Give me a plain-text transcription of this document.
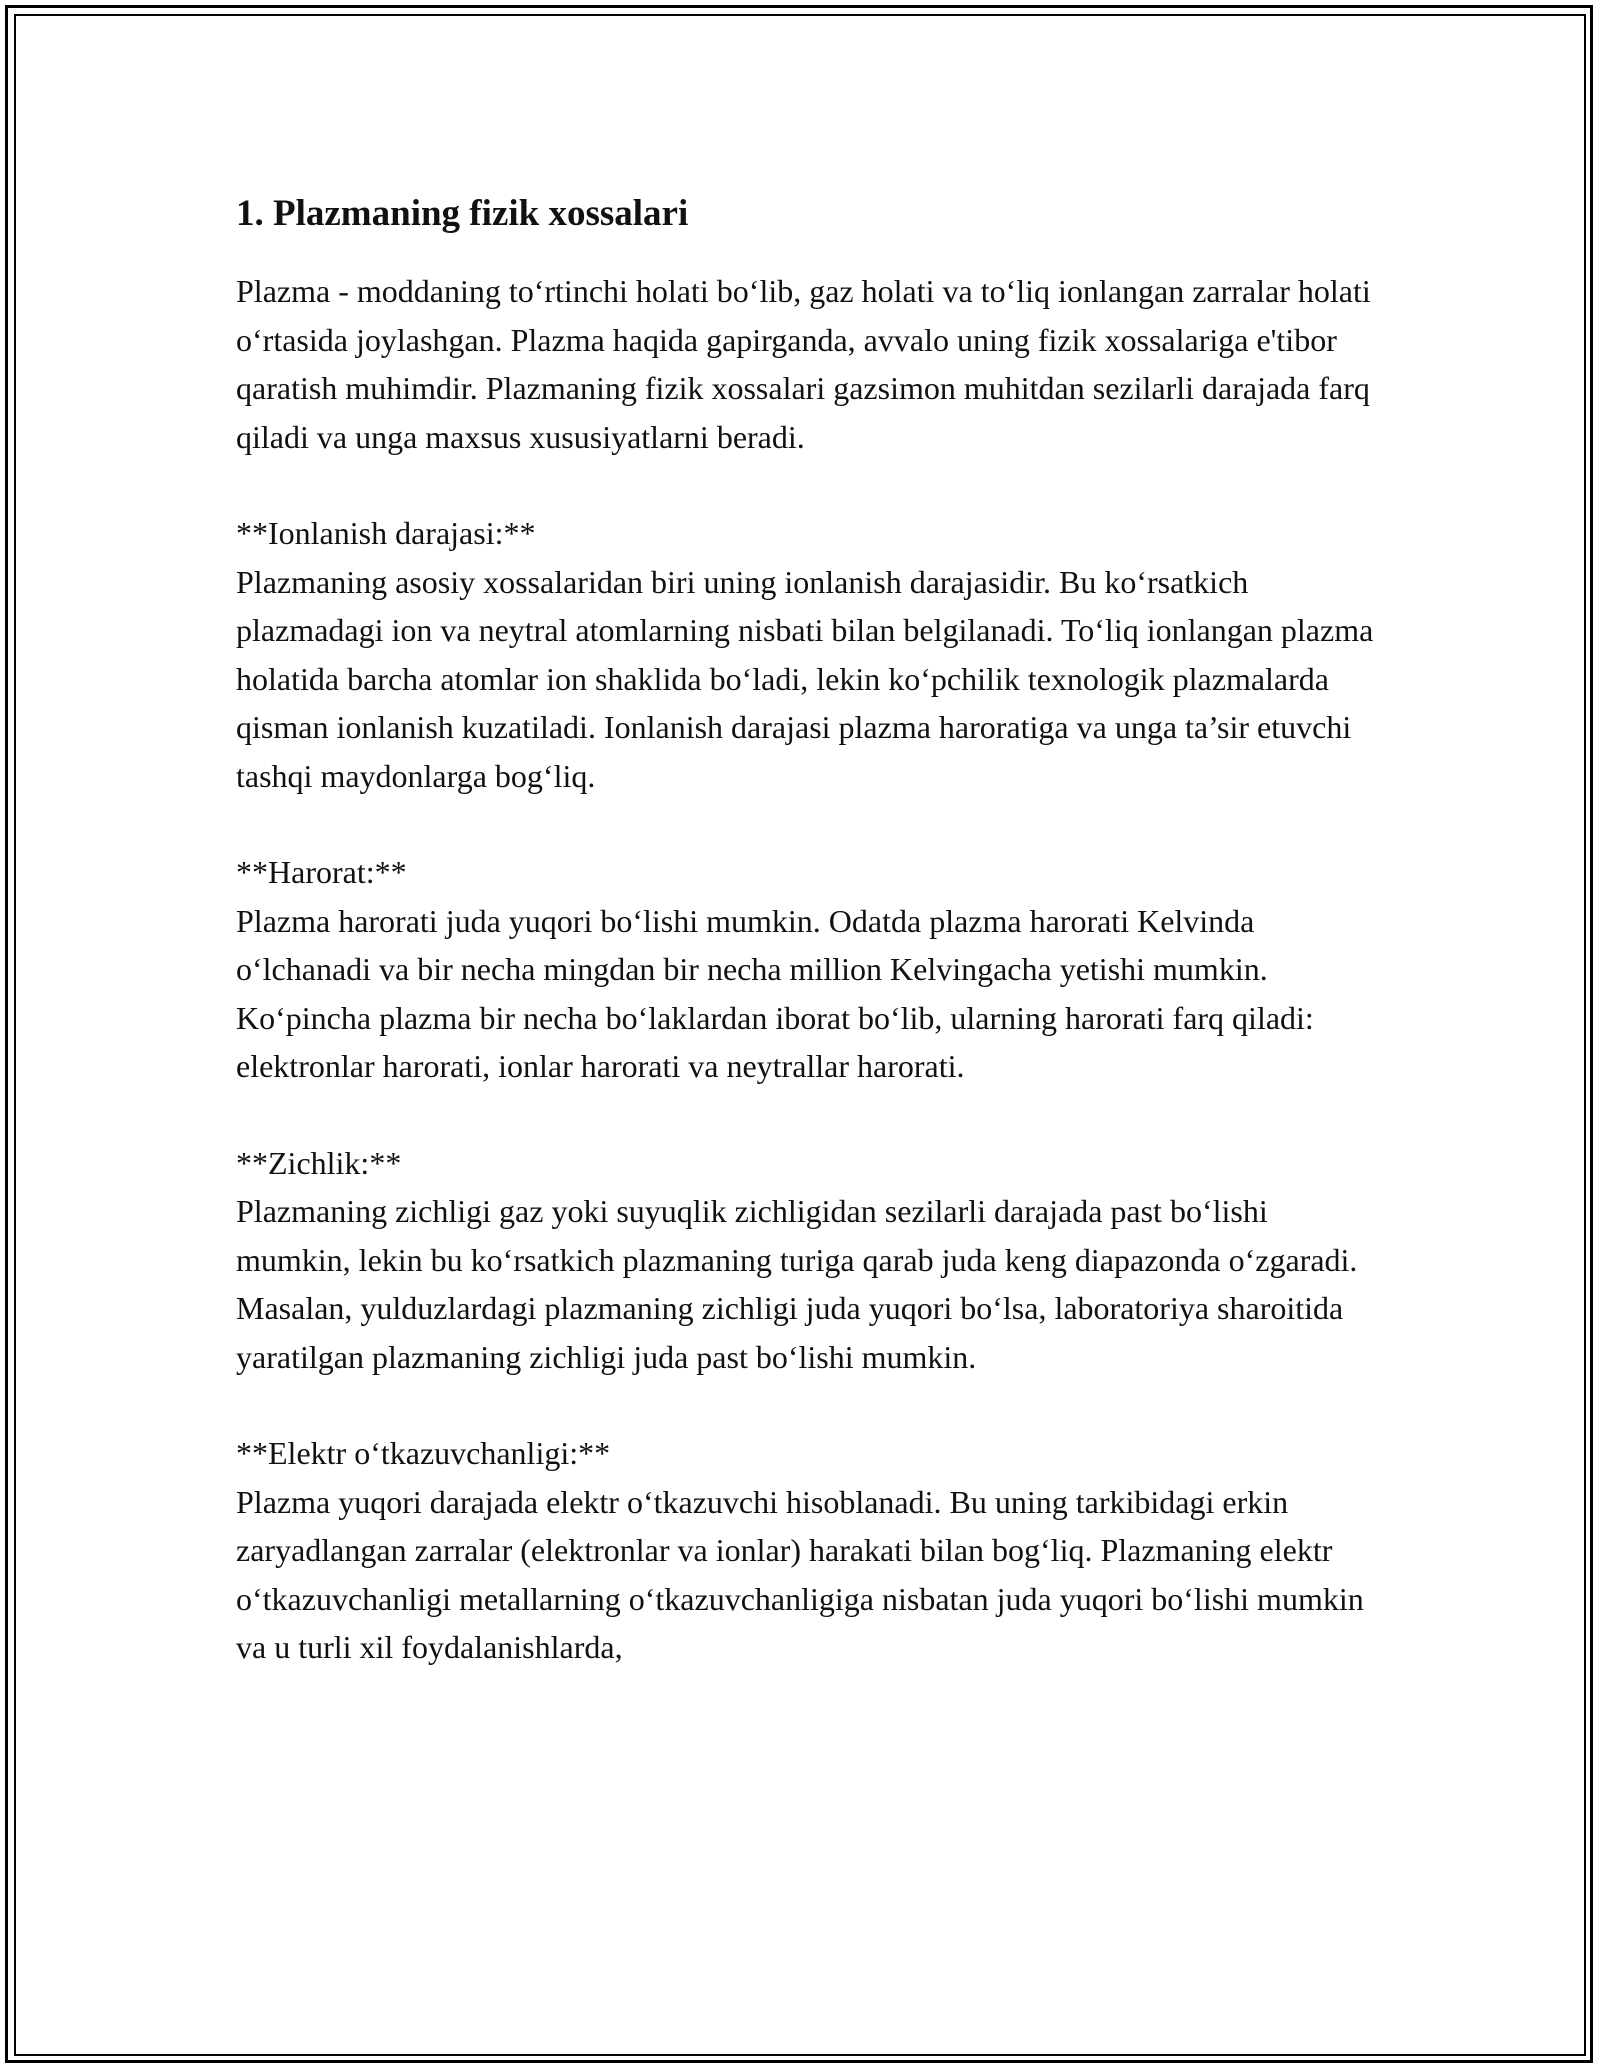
1. Plazmaning fizik xossalari

Plazma - moddaning to‘rtinchi holati bo‘lib, gaz holati va to‘liq ionlangan zarralar holati o‘rtasida joylashgan. Plazma haqida gapirganda, avvalo uning fizik xossalariga e'tibor qaratish muhimdir. Plazmaning fizik xossalari gazsimon muhitdan sezilarli darajada farq qiladi va unga maxsus xususiyatlarni beradi.

**Ionlanish darajasi:**

Plazmaning asosiy xossalaridan biri uning ionlanish darajasidir. Bu ko‘rsatkich plazmadagi ion va neytral atomlarning nisbati bilan belgilanadi. To‘liq ionlangan plazma holatida barcha atomlar ion shaklida bo‘ladi, lekin ko‘pchilik texnologik plazmalarda qisman ionlanish kuzatiladi. Ionlanish darajasi plazma haroratiga va unga ta’sir etuvchi tashqi maydonlarga bog‘liq.

**Harorat:**

Plazma harorati juda yuqori bo‘lishi mumkin. Odatda plazma harorati Kelvinda o‘lchanadi va bir necha mingdan bir necha million Kelvingacha yetishi mumkin. Ko‘pincha plazma bir necha bo‘laklardan iborat bo‘lib, ularning harorati farq qiladi: elektronlar harorati, ionlar harorati va neytrallar harorati.

**Zichlik:**

Plazmaning zichligi gaz yoki suyuqlik zichligidan sezilarli darajada past bo‘lishi mumkin, lekin bu ko‘rsatkich plazmaning turiga qarab juda keng diapazonda o‘zgaradi. Masalan, yulduzlardagi plazmaning zichligi juda yuqori bo‘lsa, laboratoriya sharoitida yaratilgan plazmaning zichligi juda past bo‘lishi mumkin.

**Elektr o‘tkazuvchanligi:**

Plazma yuqori darajada elektr o‘tkazuvchi hisoblanadi. Bu uning tarkibidagi erkin zaryadlangan zarralar (elektronlar va ionlar) harakati bilan bog‘liq. Plazmaning elektr o‘tkazuvchanligi metallarning o‘tkazuvchanligiga nisbatan juda yuqori bo‘lishi mumkin va u turli xil foydalanishlarda,
